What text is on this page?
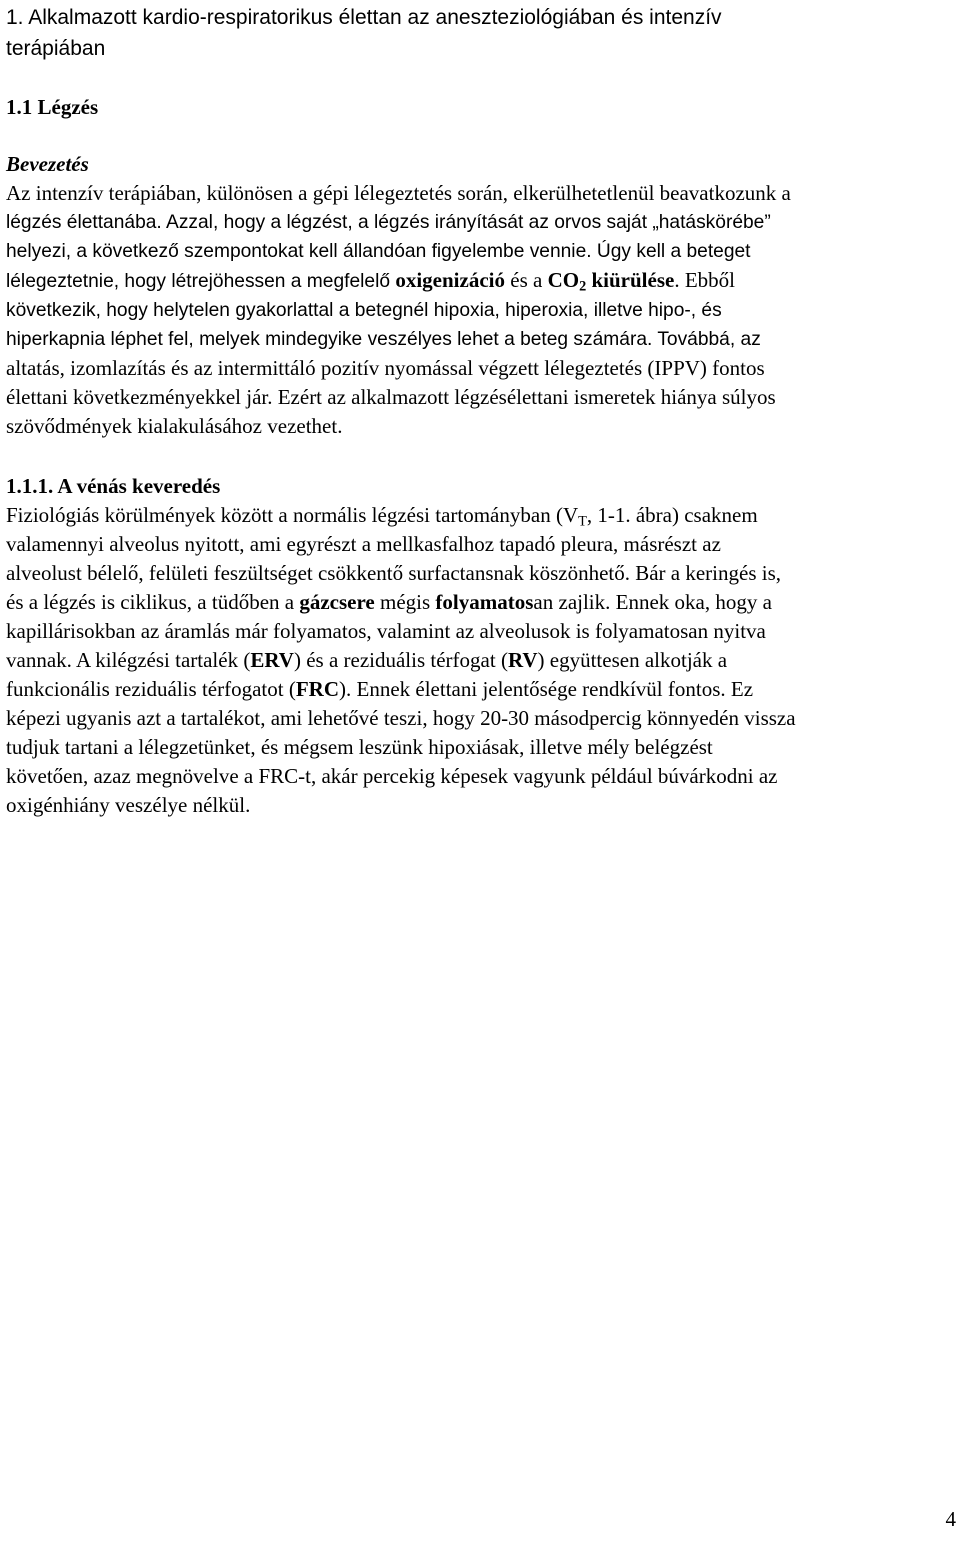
1. Alkalmazott kardio-respiratorikus élettan az aneszteziológiában és intenzív
terápiában
1.1 Légzés
Bevezetés

Az intenzív terápiában, különösen a gépi lélegeztetés során, elkerülhetetlenül beavatkozunk a
légzés élettanába. Azzal, hogy a légzést, a légzés irányítását az orvos saját „hatáskörébe”
helyezi, a következő szempontokat kell állandóan figyelembe vennie. Úgy kell a beteget
lélegeztetnie, hogy létrejöhessen a megfelelő oxigenizáció és a $CO_2$ kiürülése. Ebből
következik, hogy helytelen gyakorlattal a betegnél hipoxia, hiperoxia, illetve hipo-, és
hiperkapnia léphet fel, melyek mindegyike veszélyes lehet a beteg számára. Továbbá, az
altatás, izomlazítás és az intermittáló pozitív nyomással végzett lélegeztetés (IPPV) fontos
élettani következményekkel jár. Ezért az alkalmazott légzésélettani ismeretek hiánya súlyos
szövődmények kialakulásához vezethet.

1.1.1. A vénás keveredés

Fiziológiás körülmények között a normális légzési tartományban ($V_T$, 1-1. ábra) csaknem
valamennyi alveolus nyitott, ami egyrészt a mellkasfalhoz tapadó pleura, másrészt az
alveolust bélelő, felületi feszültséget csökkentő surfactansnak köszönhető. Bár a keringés is,
és a légzés is ciklikus, a tüdőben a gázcsere mégis folyamatosan zajlik. Ennek oka, hogy a
kapillárisokban az áramlás már folyamatos, valamint az alveolusok is folyamatosan nyitva
vannak. A kilégzési tartalék (ERV) és a reziduális térfogat (RV) együttesen alkotják a
funkcionális reziduális térfogatot (FRC). Ennek élettani jelentősége rendkívül fontos. Ez
képezi ugyanis azt a tartalékot, ami lehetővé teszi, hogy 20-30 másodpercig könnyedén vissza
tudjuk tartani a lélegzetünket, és mégsem leszünk hipoxiásak, illetve mély belégzést
követően, azaz megnövelve a FRC-t, akár percekig képesek vagyunk például búvárkodni az
oxigénhiány veszélye nélkül.

4
